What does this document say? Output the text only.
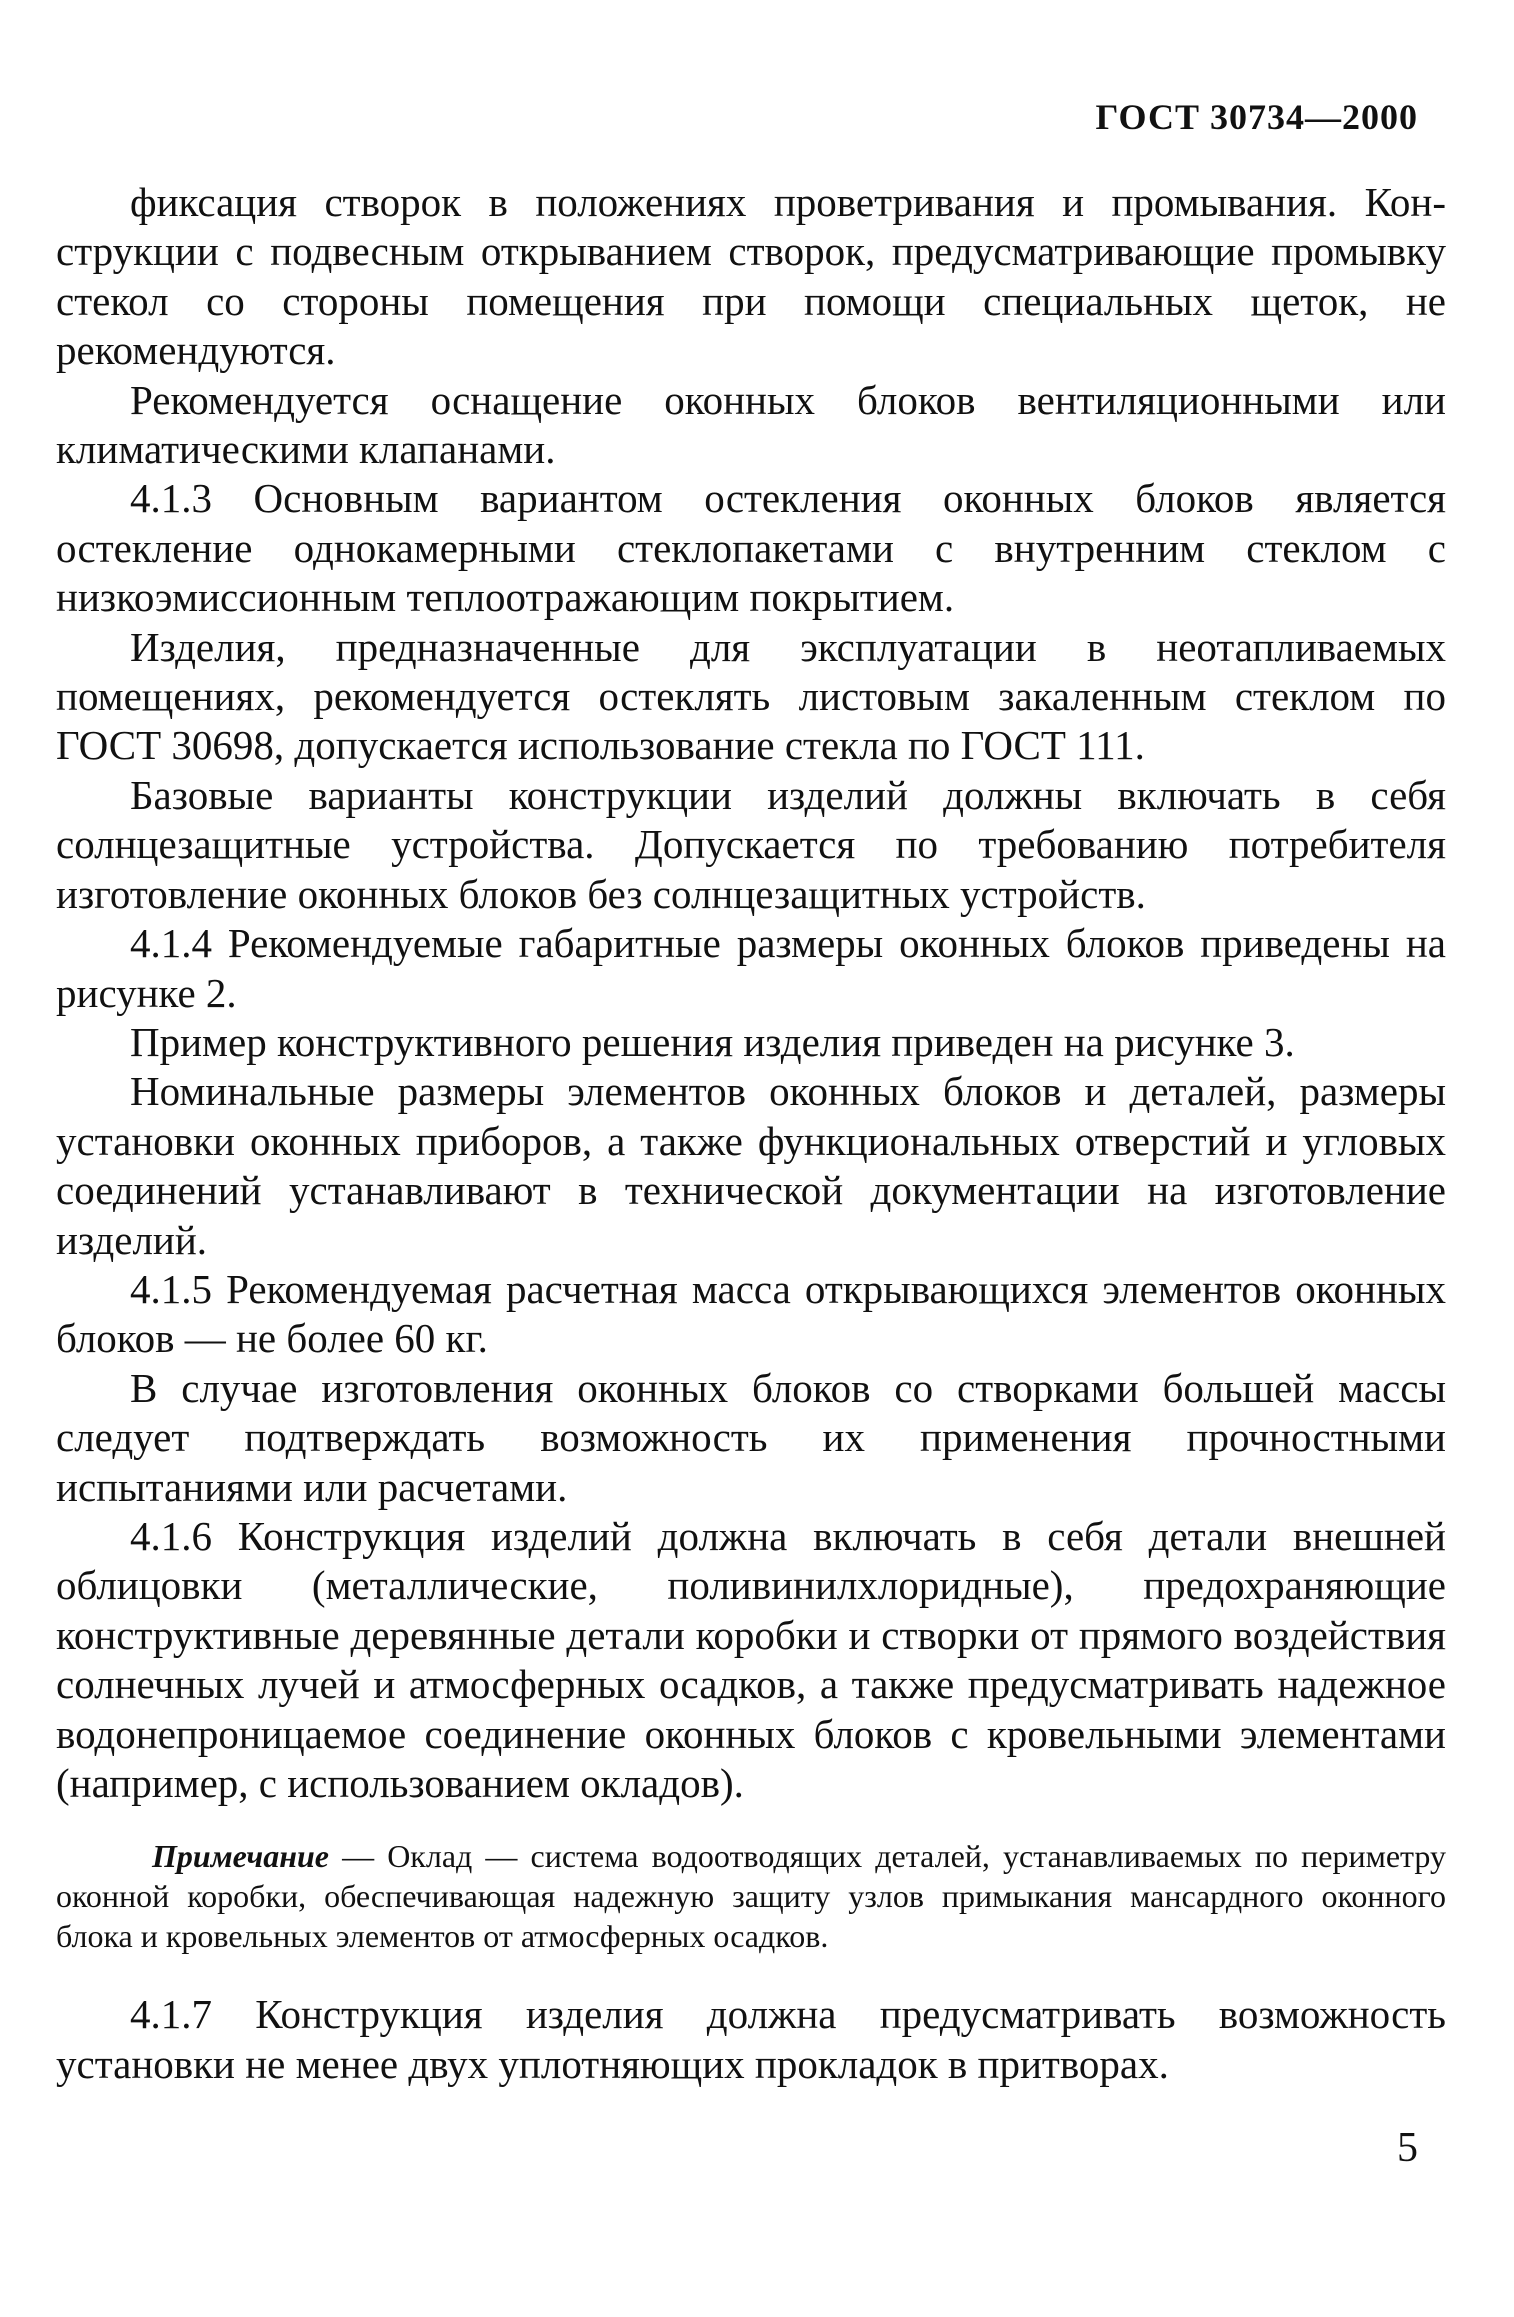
ГОСТ 30734—2000

фиксация створок в положениях проветривания и промывания. Конструкции с подвесным открыванием створок, предусматривающие промывку стекол со стороны помещения при помощи специальных щеток, не рекомендуются.

Рекомендуется оснащение оконных блоков вентиляционными или климатическими клапанами.

4.1.3 Основным вариантом остекления оконных блоков является остекление однокамерными стеклопакетами с внутренним стеклом с низкоэмиссионным теплоотражающим покрытием.

Изделия, предназначенные для эксплуатации в неотапливаемых помещениях, рекомендуется остеклять листовым закаленным стеклом по ГОСТ 30698, допускается использование стекла по ГОСТ 111.

Базовые варианты конструкции изделий должны включать в себя солнцезащитные устройства. Допускается по требованию потребителя изготовление оконных блоков без солнцезащитных устройств.

4.1.4 Рекомендуемые габаритные размеры оконных блоков приведены на рисунке 2.

Пример конструктивного решения изделия приведен на рисунке 3.

Номинальные размеры элементов оконных блоков и деталей, размеры установки оконных приборов, а также функциональных отверстий и угловых соединений устанавливают в технической документации на изготовление изделий.

4.1.5 Рекомендуемая расчетная масса открывающихся элементов оконных блоков — не более 60 кг.

В случае изготовления оконных блоков со створками большей массы следует подтверждать возможность их применения прочностными испытаниями или расчетами.

4.1.6 Конструкция изделий должна включать в себя детали внешней облицовки (металлические, поливинилхлоридные), предохраняющие конструктивные деревянные детали коробки и створки от прямого воздействия солнечных лучей и атмосферных осадков, а также предусматривать надежное водонепроницаемое соединение оконных блоков с кровельными элементами (например, с использованием окладов).

Примечание — Оклад — система водоотводящих деталей, устанавливаемых по периметру оконной коробки, обеспечивающая надежную защиту узлов примыкания мансардного оконного блока и кровельных элементов от атмосферных осадков.

4.1.7 Конструкция изделия должна предусматривать возможность установки не менее двух уплотняющих прокладок в притворах.

5
